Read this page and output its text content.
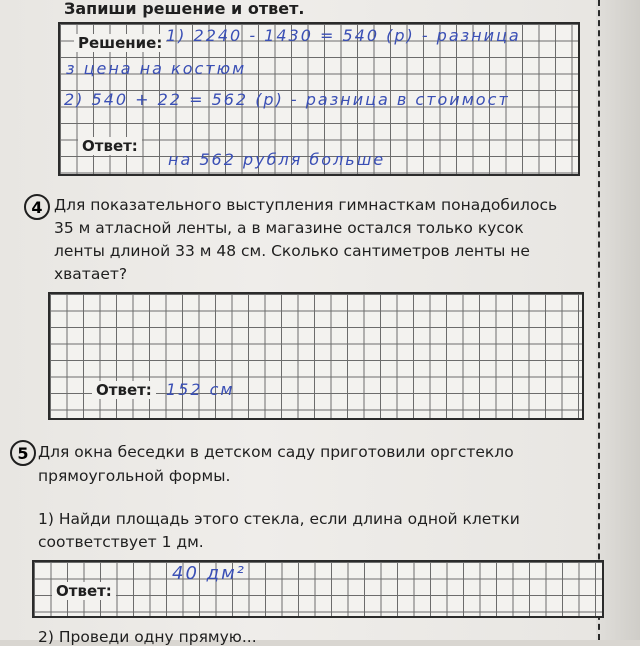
Запиши решение и ответ.
Решение:
Ответ:
1) 2240 - 1430 = 540 (р) - разница
з цена на костюм
2) 540 + 22 = 562 (р) - разница в стоимост
на 562 рубля больше
4 Для показательного выступления гимнасткам понадобилось
35 м атласной ленты, а в магазине остался только кусок
ленты длиной 33 м 48 см. Сколько сантиметров ленты не
хватает?
Ответ: 152 см
5 Для окна беседки в детском саду приготовили оргстекло
прямоугольной формы.
1) Найди площадь этого стекла, если длина одной клетки
соответствует 1 дм.
Ответ:
40 дм²
2) Проведи одну прямую...
